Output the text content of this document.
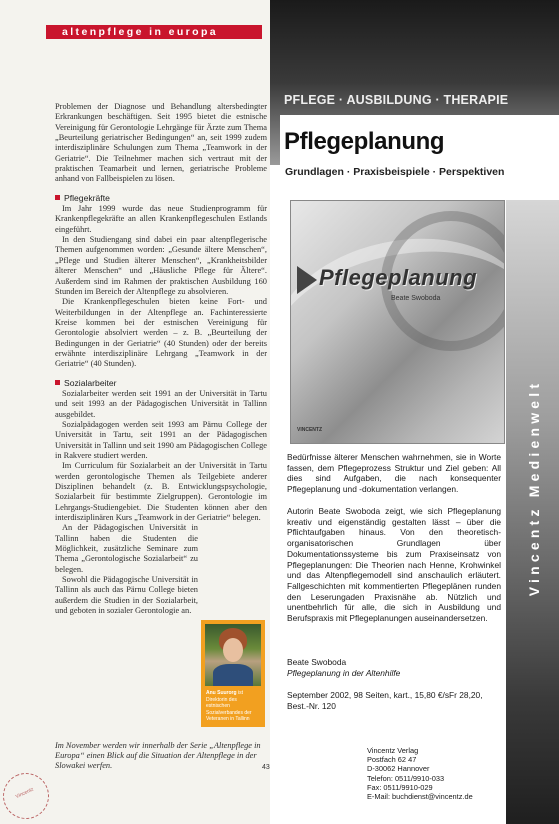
altenpflege in europa

Problemen der Diagnose und Behandlung altersbedingter Erkrankungen beschäftigen. Seit 1995 bietet die estnische Vereinigung für Gerontologie Lehrgänge für Ärzte zum Thema „Beurteilung geriatrischer Bedingungen“ an, seit 1999 zudem interdisziplinäre Schulungen zum Thema „Teamwork in der Geriatrie“. Die Teilnehmer machen sich vertraut mit der praktischen Teamarbeit und lernen, geriatrische Probleme anhand von Fallbeispielen zu lösen.

Pflegekräfte

Im Jahr 1999 wurde das neue Studienprogramm für Krankenpflegekräfte an allen Krankenpflegeschulen Estlands eingeführt.

In den Studiengang sind dabei ein paar altenpflegerische Themen aufgenommen worden: „Gesunde ältere Menschen“, „Pflege und Studien älterer Menschen“, „Krankheitsbilder älterer Menschen“ und „Häusliche Pflege für Ältere“. Außerdem sind im Rahmen der praktischen Ausbildung 160 Stunden im Bereich der Altenpflege zu absolvieren.

Die Krankenpflegeschulen bieten keine Fort- und Weiterbildungen in der Altenpflege an. Fachinteressierte Kreise kommen bei der estnischen Vereinigung für Gerontologie absolviert werden – z. B. „Beurteilung der Bedingungen in der Geriatrie“ (40 Stunden) oder der bereits erwähnte interdisziplinäre Lehrgang „Teamwork in der Geriatrie“ (40 Stunden).

Sozialarbeiter

Sozialarbeiter werden seit 1991 an der Universität in Tartu und seit 1993 an der Pädagogischen Universität in Tallinn ausgebildet.

Sozialpädagogen werden seit 1993 am Pärnu College der Universität in Tartu, seit 1991 an der Pädagogischen Universität in Tallinn und seit 1990 am Pädagogischen College in Rakvere studiert werden.

Im Curriculum für Sozialarbeit an der Universität in Tartu werden gerontologische Themen als Teilgebiete anderer Disziplinen behandelt (z. B. Entwicklungspsychologie, Sozialarbeit für bestimmte Zielgruppen). Gerontologie im Lehrgangs-Studiengebiet. Die Studenten können aber den interdisziplinären Kurs „Teamwork in der Geriatrie“ belegen.

An der Pädagogischen Universität in Tallinn haben die Studenten die Möglichkeit, zusätzliche Seminare zum Thema „Gerontologische Sozialarbeit“ zu belegen.

Sowohl die Pädagogische Universität in Tallinn als auch das Pärnu College bieten außerdem die Studien in der Sozialarbeit, und geboten in sozialer Gerontologie an.

Anu Suurorg ist Direktorin des estnischen Sozialverbandes der Veteranen in Tallinn
Im November werden wir innerhalb der Serie „Altenpflege in Europa“ einen Blick auf die Situation der Altenpflege in der Slowakei werfen.	43
Vincentz
PFLEGE · AUSBILDUNG · THERAPIE
Pflegeplanung
Grundlagen · Praxisbeispiele · Perspektiven
Vincentz Medienwelt
Pflegeplanung
Beate Swoboda
VINCENTZ
Bedürfnisse älterer Menschen wahrnehmen, sie in Worte fassen, dem Pflegeprozess Struktur und Ziel geben: All dies sind Aufgaben, die nach konsequenter Pflegeplanung und -dokumentation verlangen.
Autorin Beate Swoboda zeigt, wie sich Pflegeplanung kreativ und eigenständig gestalten lässt – über die Pflichtaufgaben hinaus. Von den theoretisch-organisatorischen Grundlagen über Dokumentationssysteme bis zum Praxiseinsatz von Pflegeplanungen: Die Theorien nach Henne, Krohwinkel und das Altenpflegemodell sind anschaulich erläutert. Fallgeschichten mit kommentierten Pflegeplänen runden den Leserungaden Praxisnähe ab. Nützlich und unentbehrlich für alle, die sich in Ausbildung und Berufspraxis mit Pflegeplanungen auseinandersetzen.
Beate Swoboda
Pflegeplanung in der Altenhilfe
September 2002, 98 Seiten, kart., 15,80 €/sFr 28,20, Best.-Nr. 120
Vincentz Verlag
Postfach 62 47
D-30062 Hannover
Telefon: 0511/9910-033
Fax: 0511/9910-029
E-Mail: buchdienst@vincentz.de
VINCENTZ
